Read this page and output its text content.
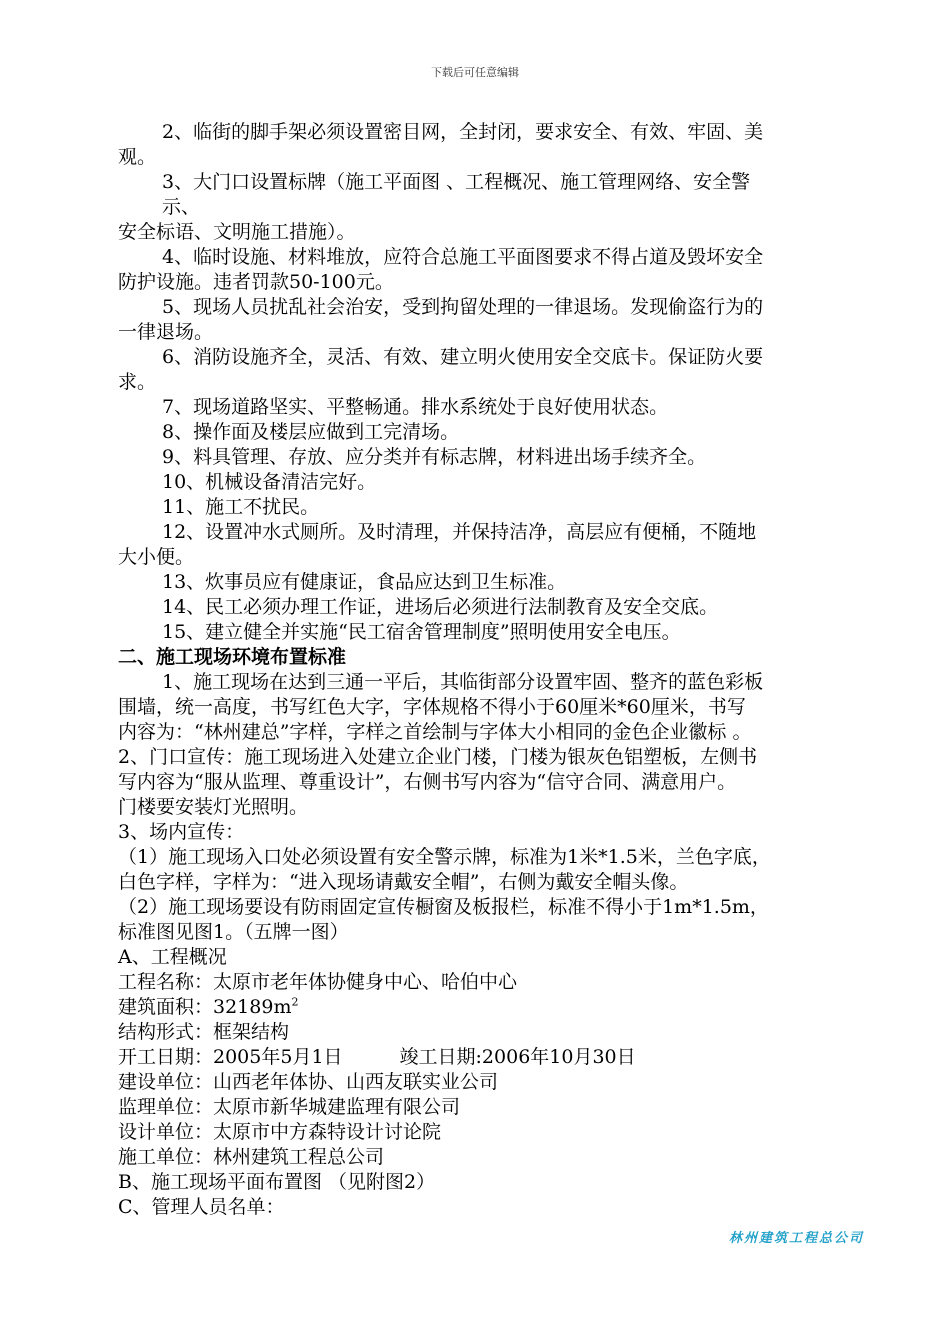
下载后可任意编辑
2、临街的脚手架必须设置密目网，全封闭，要求安全、有效、牢固、美
观。
3、大门口设置标牌（施工平面图 、工程概况、施工管理网络、安全警
示、
安全标语、文明施工措施）。
4、临时设施、材料堆放，应符合总施工平面图要求不得占道及毁坏安全
防护设施。违者罚款50-100元。
5、现场人员扰乱社会治安，受到拘留处理的一律退场。发现偷盗行为的
一律退场。
6、消防设施齐全，灵活、有效、建立明火使用安全交底卡。保证防火要
求。
7、现场道路坚实、平整畅通。排水系统处于良好使用状态。
8、操作面及楼层应做到工完清场。
9、料具管理、存放、应分类并有标志牌，材料进出场手续齐全。
10、机械设备清洁完好。
11、施工不扰民。
12、设置冲水式厕所。及时清理，并保持洁净，高层应有便桶，不随地
大小便。
13、炊事员应有健康证，食品应达到卫生标准。
14、民工必须办理工作证，进场后必须进行法制教育及安全交底。
15、建立健全并实施“民工宿舍管理制度”照明使用安全电压。
二、施工现场环境布置标准
1、施工现场在达到三通一平后，其临街部分设置牢固、整齐的蓝色彩板
围墙，统一高度，书写红色大字，字体规格不得小于60厘米*60厘米，书写
内容为：“林州建总”字样，字样之首绘制与字体大小相同的金色企业徽标 。
2、门口宣传：施工现场进入处建立企业门楼，门楼为银灰色铝塑板，左侧书
写内容为“服从监理、尊重设计”，右侧书写内容为“信守合同、满意用户。
门楼要安装灯光照明。
3、场内宣传：
（1）施工现场入口处必须设置有安全警示牌，标准为1米*1.5米，兰色字底，
白色字样，字样为：“进入现场请戴安全帽”，右侧为戴安全帽头像。
（2）施工现场要设有防雨固定宣传橱窗及板报栏，标准不得小于1m*1.5m，
标准图见图1。（五牌一图）
A、工程概况
工程名称：太原市老年体协健身中心、哈伯中心
建筑面积：$32189m^2$
结构形式：框架结构
开工日期：2005年5月1日　　　竣工日期:2006年10月30日
建设单位：山西老年体协、山西友联实业公司
监理单位：太原市新华城建监理有限公司
设计单位：太原市中方森特设计讨论院
施工单位：林州建筑工程总公司
B、施工现场平面布置图 （见附图2）
C、管理人员名单：
林州建筑工程总公司
